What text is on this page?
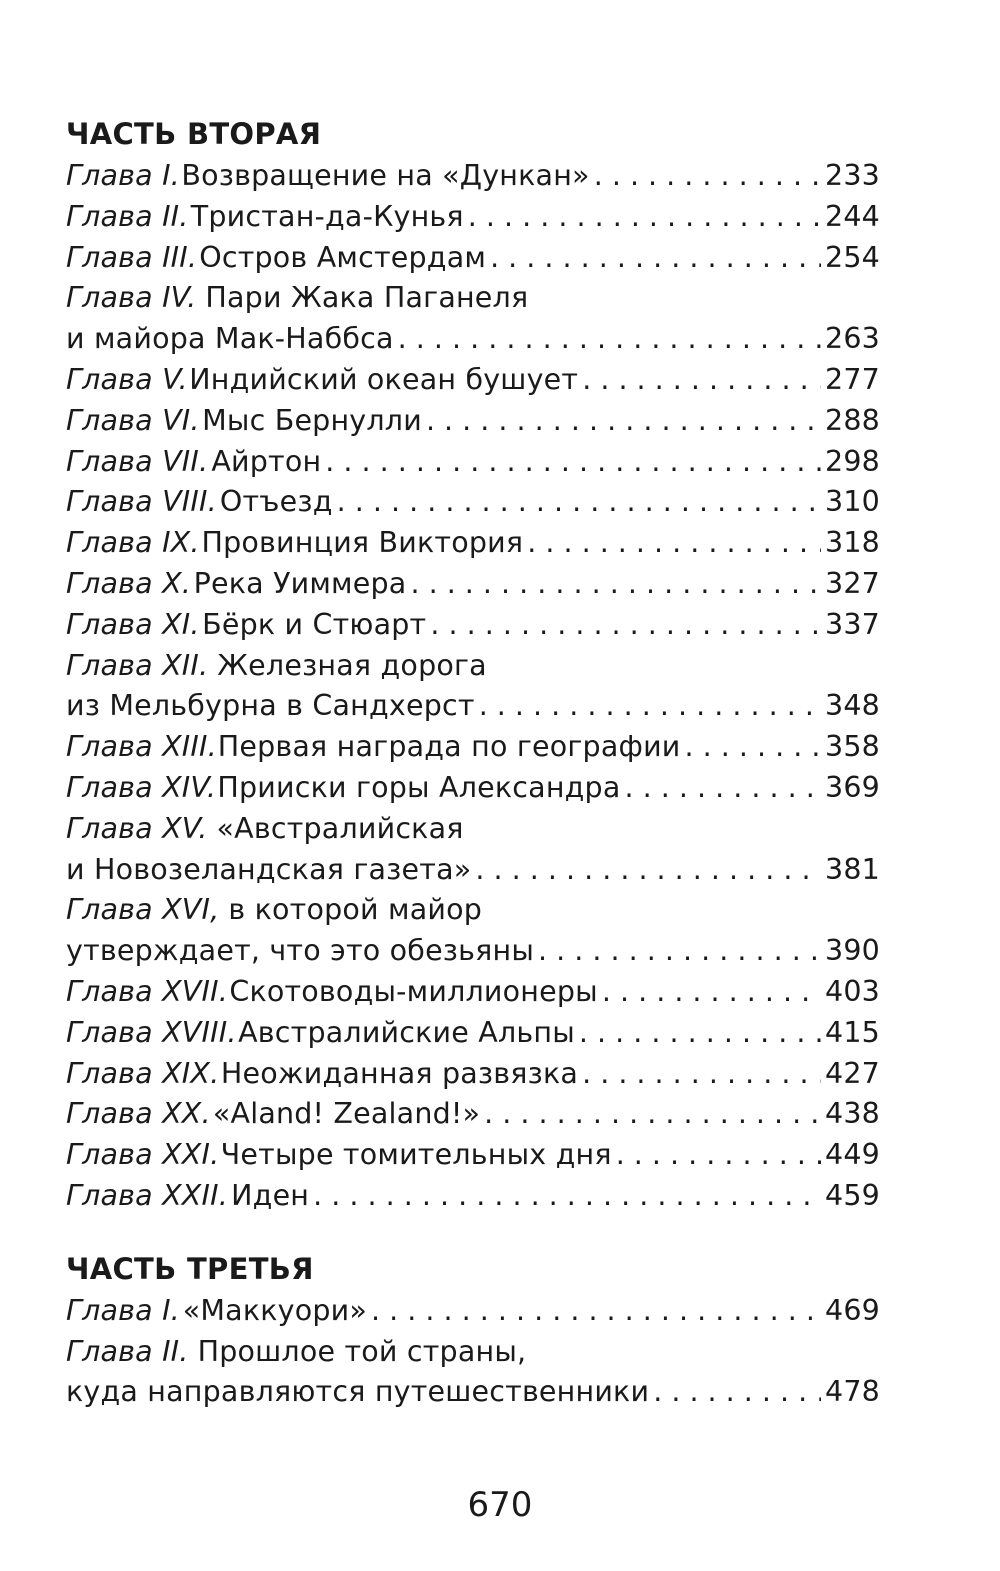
ЧАСТЬ ВТОРАЯ
Глава I. Возвращение на «Дункан» . . .	233
Глава II. Тристан-да-Кунья . . .	244
Глава III. Остров Амстердам . . .	254
Глава IV. Пари Жака Паганеля
и майора Мак-Наббса . . .	263
Глава V. Индийский океан бушует . . .	277
Глава VI. Мыс Бернулли . . .	288
Глава VII. Айртон . . .	298
Глава VIII. Отъезд . . .	310
Глава IX. Провинция Виктория . . .	318
Глава X. Река Уиммера . . .	327
Глава XI. Бёрк и Стюарт . . .	337
Глава XII. Железная дорога
из Мельбурна в Сандхерст . . .	348
Глава XIII. Первая награда по географии . . .	358
Глава XIV. Прииски горы Александра . . .	369
Глава XV. «Австралийская
и Новозеландская газета» . . .	381
Глава XVI, в которой майор
утверждает, что это обезьяны . . .	390
Глава XVII. Скотоводы-миллионеры . . .	403
Глава XVIII. Австралийские Альпы . . .	415
Глава XIX. Неожиданная развязка . . .	427
Глава XX. «Aland! Zealand!» . . .	438
Глава XXI. Четыре томительных дня . . .	449
Глава XXII. Иден . . .	459
ЧАСТЬ ТРЕТЬЯ
Глава I. «Маккуори» . . .	469
Глава II. Прошлое той страны,
куда направляются путешественники . . .	478
670
